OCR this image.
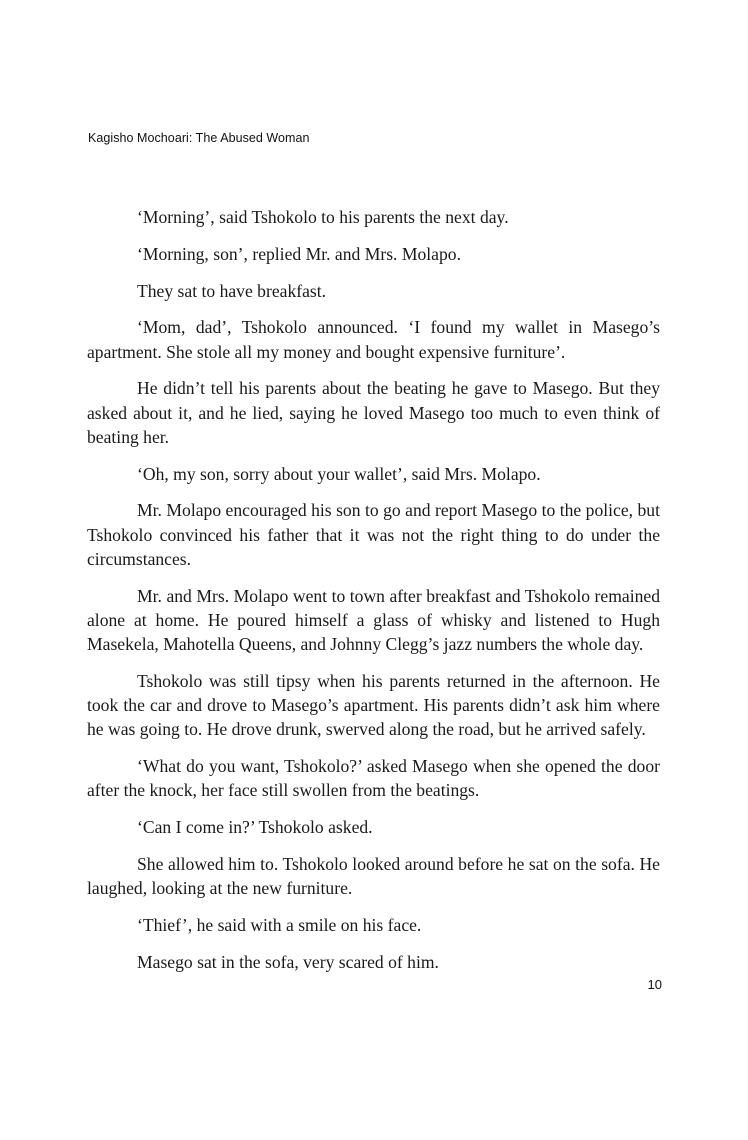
Kagisho Mochoari: The Abused Woman

‘Morning’, said Tshokolo to his parents the next day.

‘Morning, son’, replied Mr. and Mrs. Molapo.

They sat to have breakfast.

‘Mom, dad’, Tshokolo announced. ‘I found my wallet in Masego’s apartment. She stole all my money and bought expensive furniture’.

He didn’t tell his parents about the beating he gave to Masego. But they asked about it, and he lied, saying he loved Masego too much to even think of beating her.

‘Oh, my son, sorry about your wallet’, said Mrs. Molapo.

Mr. Molapo encouraged his son to go and report Masego to the police, but Tshokolo convinced his father that it was not the right thing to do under the circumstances.

Mr. and Mrs. Molapo went to town after breakfast and Tshokolo remained alone at home. He poured himself a glass of whisky and listened to Hugh Masekela, Mahotella Queens, and Johnny Clegg’s jazz numbers the whole day.

Tshokolo was still tipsy when his parents returned in the afternoon. He took the car and drove to Masego’s apartment. His parents didn’t ask him where he was going to. He drove drunk, swerved along the road, but he arrived safely.

‘What do you want, Tshokolo?’ asked Masego when she opened the door after the knock, her face still swollen from the beatings.

‘Can I come in?’ Tshokolo asked.

She allowed him to. Tshokolo looked around before he sat on the sofa. He laughed, looking at the new furniture.

‘Thief’, he said with a smile on his face.

Masego sat in the sofa, very scared of him.

10
